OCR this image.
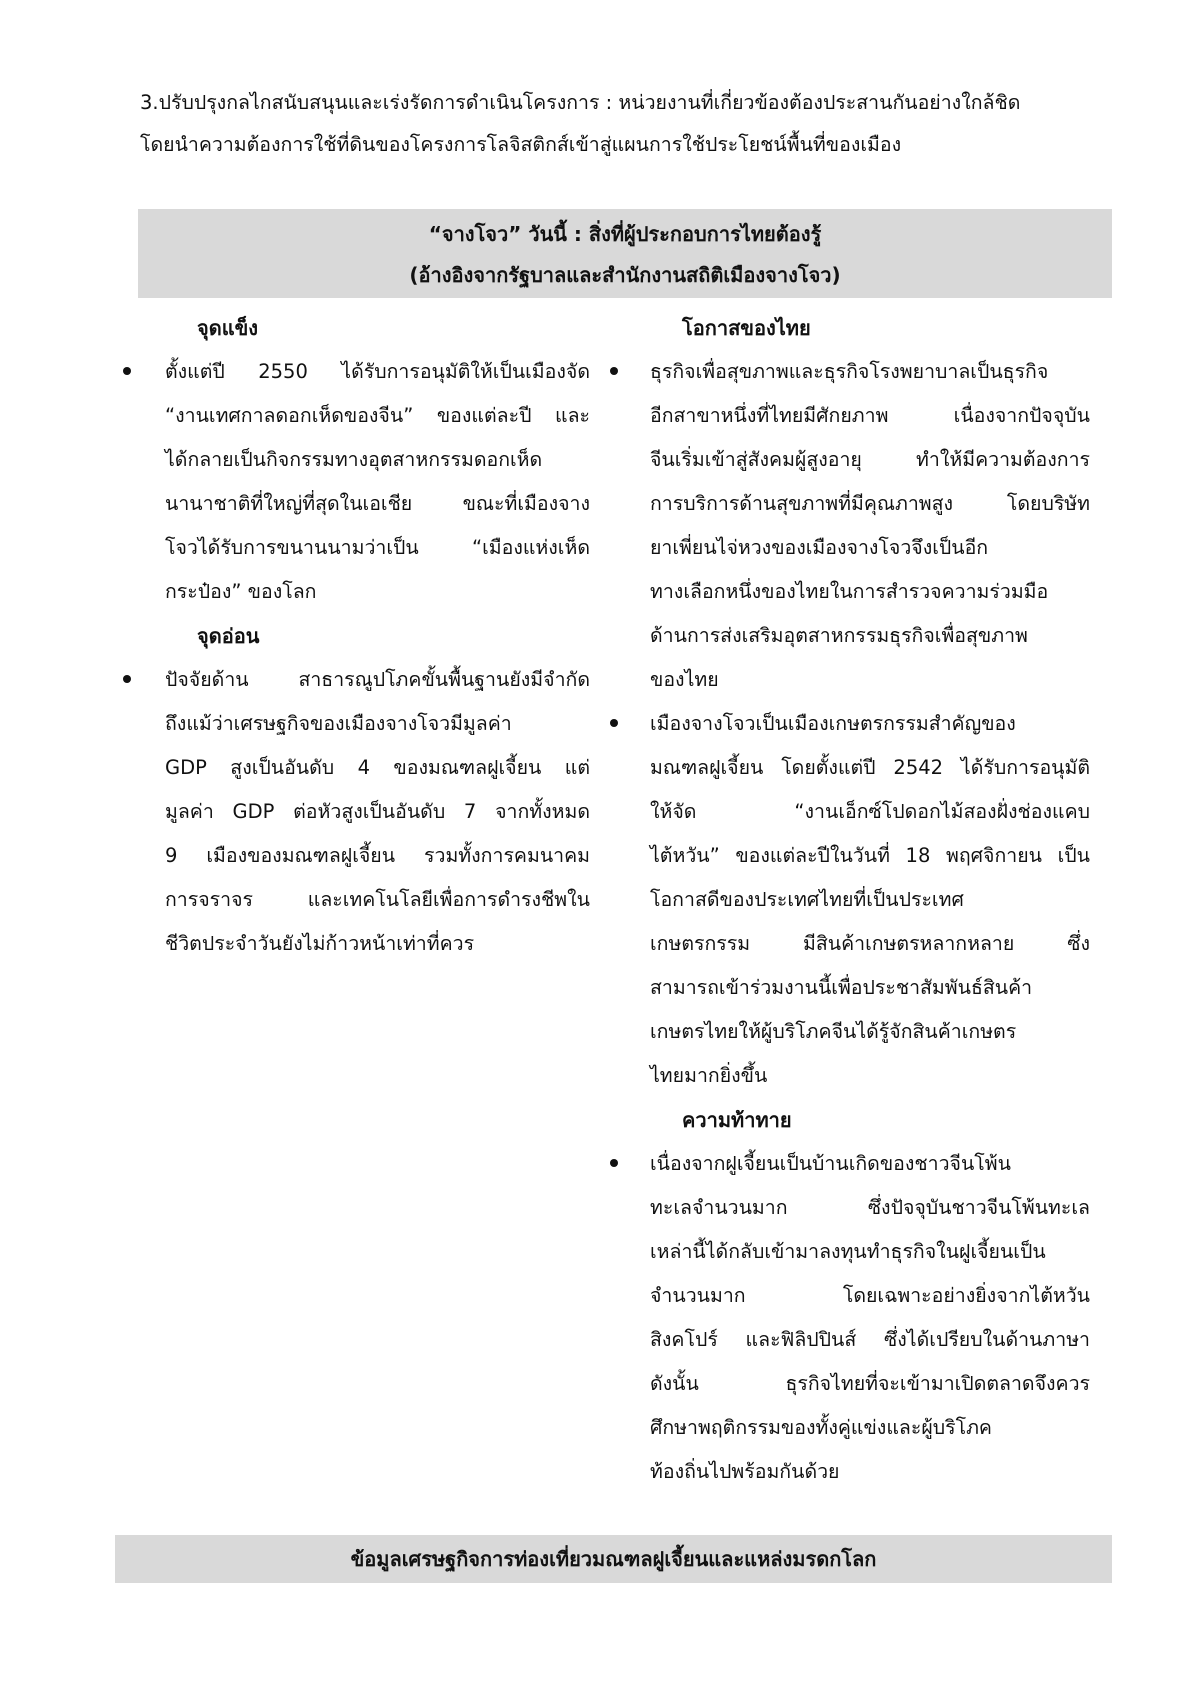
3.ปรับปรุงกลไกสนับสนุนและเร่งรัดการดำเนินโครงการ : หน่วยงานที่เกี่ยวข้องต้องประสานกันอย่างใกล้ชิด

โดยนำความต้องการใช้ที่ดินของโครงการโลจิสติกส์เข้าสู่แผนการใช้ประโยชน์พื้นที่ของเมือง

“จางโจว” วันนี้ : สิ่งที่ผู้ประกอบการไทยต้องรู้
(อ้างอิงจากรัฐบาลและสำนักงานสถิติเมืองจางโจว)
จุดแข็ง
ตั้งแต่ปี 2550 ได้รับการอนุมัติให้เป็นเมืองจัด
“งานเทศกาลดอกเห็ดของจีน” ของแต่ละปี และ
ได้กลายเป็นกิจกรรมทางอุตสาหกรรมดอกเห็ด
นานาชาติที่ใหญ่ที่สุดในเอเชีย ขณะที่เมืองจาง
โจวได้รับการขนานนามว่าเป็น “เมืองแห่งเห็ด
กระป๋อง” ของโลก
จุดอ่อน
ปัจจัยด้าน สาธารณูปโภคขั้นพื้นฐานยังมีจำกัด
ถึงแม้ว่าเศรษฐกิจของเมืองจางโจวมีมูลค่า
GDP สูงเป็นอันดับ 4 ของมณฑลฝูเจี้ยน แต่
มูลค่า GDP ต่อหัวสูงเป็นอันดับ 7 จากทั้งหมด
9 เมืองของมณฑลฝูเจี้ยน รวมทั้งการคมนาคม
การจราจร และเทคโนโลยีเพื่อการดำรงชีพใน
ชีวิตประจำวันยังไม่ก้าวหน้าเท่าที่ควร
โอกาสของไทย
ธุรกิจเพื่อสุขภาพและธุรกิจโรงพยาบาลเป็นธุรกิจ
อีกสาขาหนึ่งที่ไทยมีศักยภาพ เนื่องจากปัจจุบัน
จีนเริ่มเข้าสู่สังคมผู้สูงอายุ ทำให้มีความต้องการ
การบริการด้านสุขภาพที่มีคุณภาพสูง โดยบริษัท
ยาเพี่ยนไจ่หวงของเมืองจางโจวจึงเป็นอีก
ทางเลือกหนึ่งของไทยในการสำรวจความร่วมมือ
ด้านการส่งเสริมอุตสาหกรรมธุรกิจเพื่อสุขภาพ
ของไทย
เมืองจางโจวเป็นเมืองเกษตรกรรมสำคัญของ
มณฑลฝูเจี้ยน โดยตั้งแต่ปี 2542 ได้รับการอนุมัติ
ให้จัด “งานเอ็กซ์โปดอกไม้สองฝั่งช่องแคบ
ไต้หวัน” ของแต่ละปีในวันที่ 18 พฤศจิกายน เป็น
โอกาสดีของประเทศไทยที่เป็นประเทศ
เกษตรกรรม มีสินค้าเกษตรหลากหลาย ซึ่ง
สามารถเข้าร่วมงานนี้เพื่อประชาสัมพันธ์สินค้า
เกษตรไทยให้ผู้บริโภคจีนได้รู้จักสินค้าเกษตร
ไทยมากยิ่งขึ้น
ความท้าทาย
เนื่องจากฝูเจี้ยนเป็นบ้านเกิดของชาวจีนโพ้น
ทะเลจำนวนมาก ซึ่งปัจจุบันชาวจีนโพ้นทะเล
เหล่านี้ได้กลับเข้ามาลงทุนทำธุรกิจในฝูเจี้ยนเป็น
จำนวนมาก โดยเฉพาะอย่างยิ่งจากไต้หวัน
สิงคโปร์ และฟิลิปปินส์ ซึ่งได้เปรียบในด้านภาษา
ดังนั้น ธุรกิจไทยที่จะเข้ามาเปิดตลาดจึงควร
ศึกษาพฤติกรรมของทั้งคู่แข่งและผู้บริโภค
ท้องถิ่นไปพร้อมกันด้วย
ข้อมูลเศรษฐกิจการท่องเที่ยวมณฑลฝูเจี้ยนและแหล่งมรดกโลก
